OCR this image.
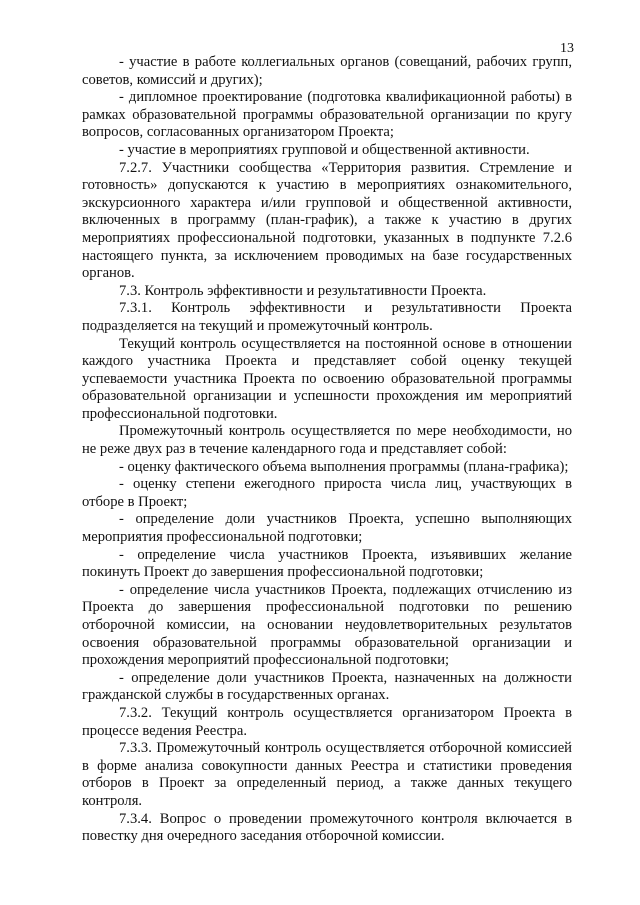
13

- участие в работе коллегиальных органов (совещаний, рабочих групп, советов, комиссий и других);

- дипломное проектирование (подготовка квалификационной работы) в рамках образовательной программы образовательной организации по кругу вопросов, согласованных организатором Проекта;

- участие в мероприятиях групповой и общественной активности.

7.2.7. Участники сообщества «Территория развития. Стремление и готовность» допускаются к участию в мероприятиях ознакомительного, экскурсионного характера и/или групповой и общественной активности, включенных в программу (план-график), а также к участию в других мероприятиях профессиональной подготовки, указанных в подпункте 7.2.6 настоящего пункта, за исключением проводимых на базе государственных органов.

7.3. Контроль эффективности и результативности Проекта.

7.3.1. Контроль эффективности и результативности Проекта подразделяется на текущий и промежуточный контроль.

Текущий контроль осуществляется на постоянной основе в отношении каждого участника Проекта и представляет собой оценку текущей успеваемости участника Проекта по освоению образовательной программы образовательной организации и успешности прохождения им мероприятий профессиональной подготовки.

Промежуточный контроль осуществляется по мере необходимости, но не реже двух раз в течение календарного года и представляет собой:

- оценку фактического объема выполнения программы (плана-графика);

- оценку степени ежегодного прироста числа лиц, участвующих в отборе в Проект;

- определение доли участников Проекта, успешно выполняющих мероприятия профессиональной подготовки;

- определение числа участников Проекта, изъявивших желание покинуть Проект до завершения профессиональной подготовки;

- определение числа участников Проекта, подлежащих отчислению из Проекта до завершения профессиональной подготовки по решению отборочной комиссии, на основании неудовлетворительных результатов освоения образовательной программы образовательной организации и прохождения мероприятий профессиональной подготовки;

- определение доли участников Проекта, назначенных на должности гражданской службы в государственных органах.

7.3.2. Текущий контроль осуществляется организатором Проекта в процессе ведения Реестра.

7.3.3. Промежуточный контроль осуществляется отборочной комиссией в форме анализа совокупности данных Реестра и статистики проведения отборов в Проект за определенный период, а также данных текущего контроля.

7.3.4. Вопрос о проведении промежуточного контроля включается в повестку дня очередного заседания отборочной комиссии.
